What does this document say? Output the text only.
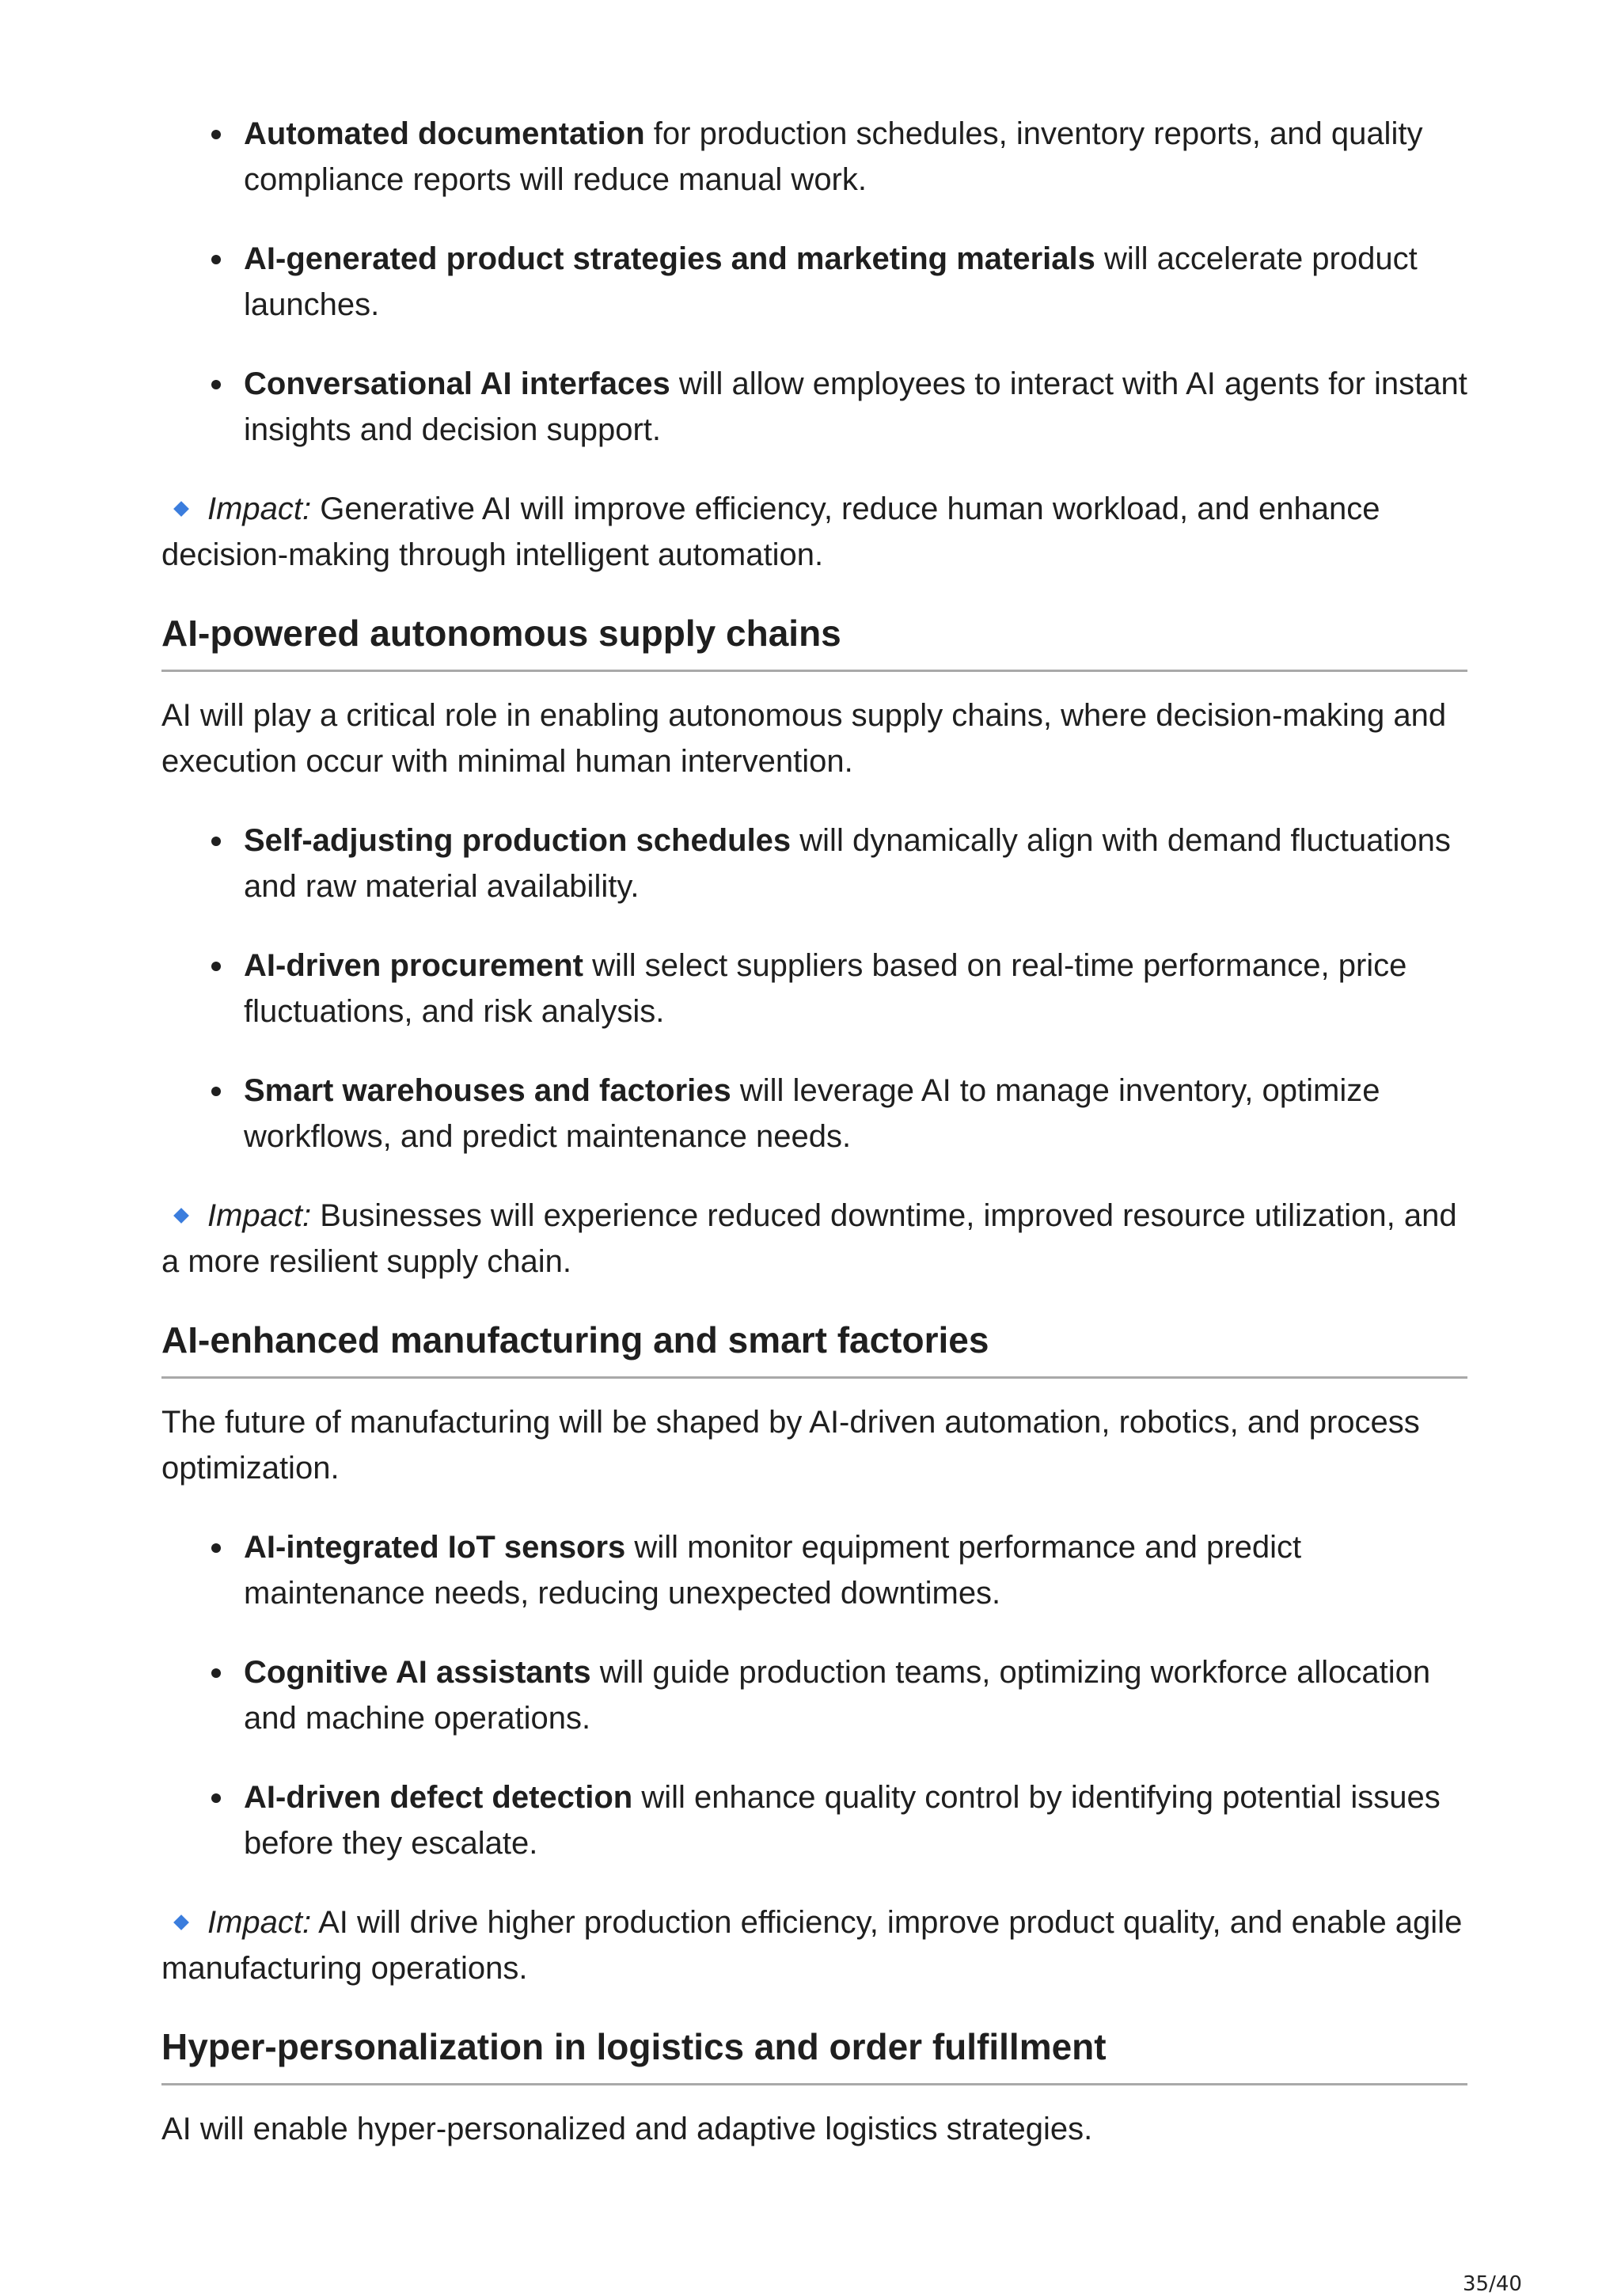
Automated documentation for production schedules, inventory reports, and quality compliance reports will reduce manual work.
AI-generated product strategies and marketing materials will accelerate product launches.
Conversational AI interfaces will allow employees to interact with AI agents for instant insights and decision support.

Impact: Generative AI will improve efficiency, reduce human workload, and enhance decision-making through intelligent automation.

AI-powered autonomous supply chains

AI will play a critical role in enabling autonomous supply chains, where decision-making and execution occur with minimal human intervention.

Self-adjusting production schedules will dynamically align with demand fluctuations and raw material availability.
AI-driven procurement will select suppliers based on real-time performance, price fluctuations, and risk analysis.
Smart warehouses and factories will leverage AI to manage inventory, optimize workflows, and predict maintenance needs.

Impact: Businesses will experience reduced downtime, improved resource utilization, and a more resilient supply chain.

AI-enhanced manufacturing and smart factories

The future of manufacturing will be shaped by AI-driven automation, robotics, and process optimization.

AI-integrated IoT sensors will monitor equipment performance and predict maintenance needs, reducing unexpected downtimes.
Cognitive AI assistants will guide production teams, optimizing workforce allocation and machine operations.
AI-driven defect detection will enhance quality control by identifying potential issues before they escalate.

Impact: AI will drive higher production efficiency, improve product quality, and enable agile manufacturing operations.

Hyper-personalization in logistics and order fulfillment

AI will enable hyper-personalized and adaptive logistics strategies.

35/40
